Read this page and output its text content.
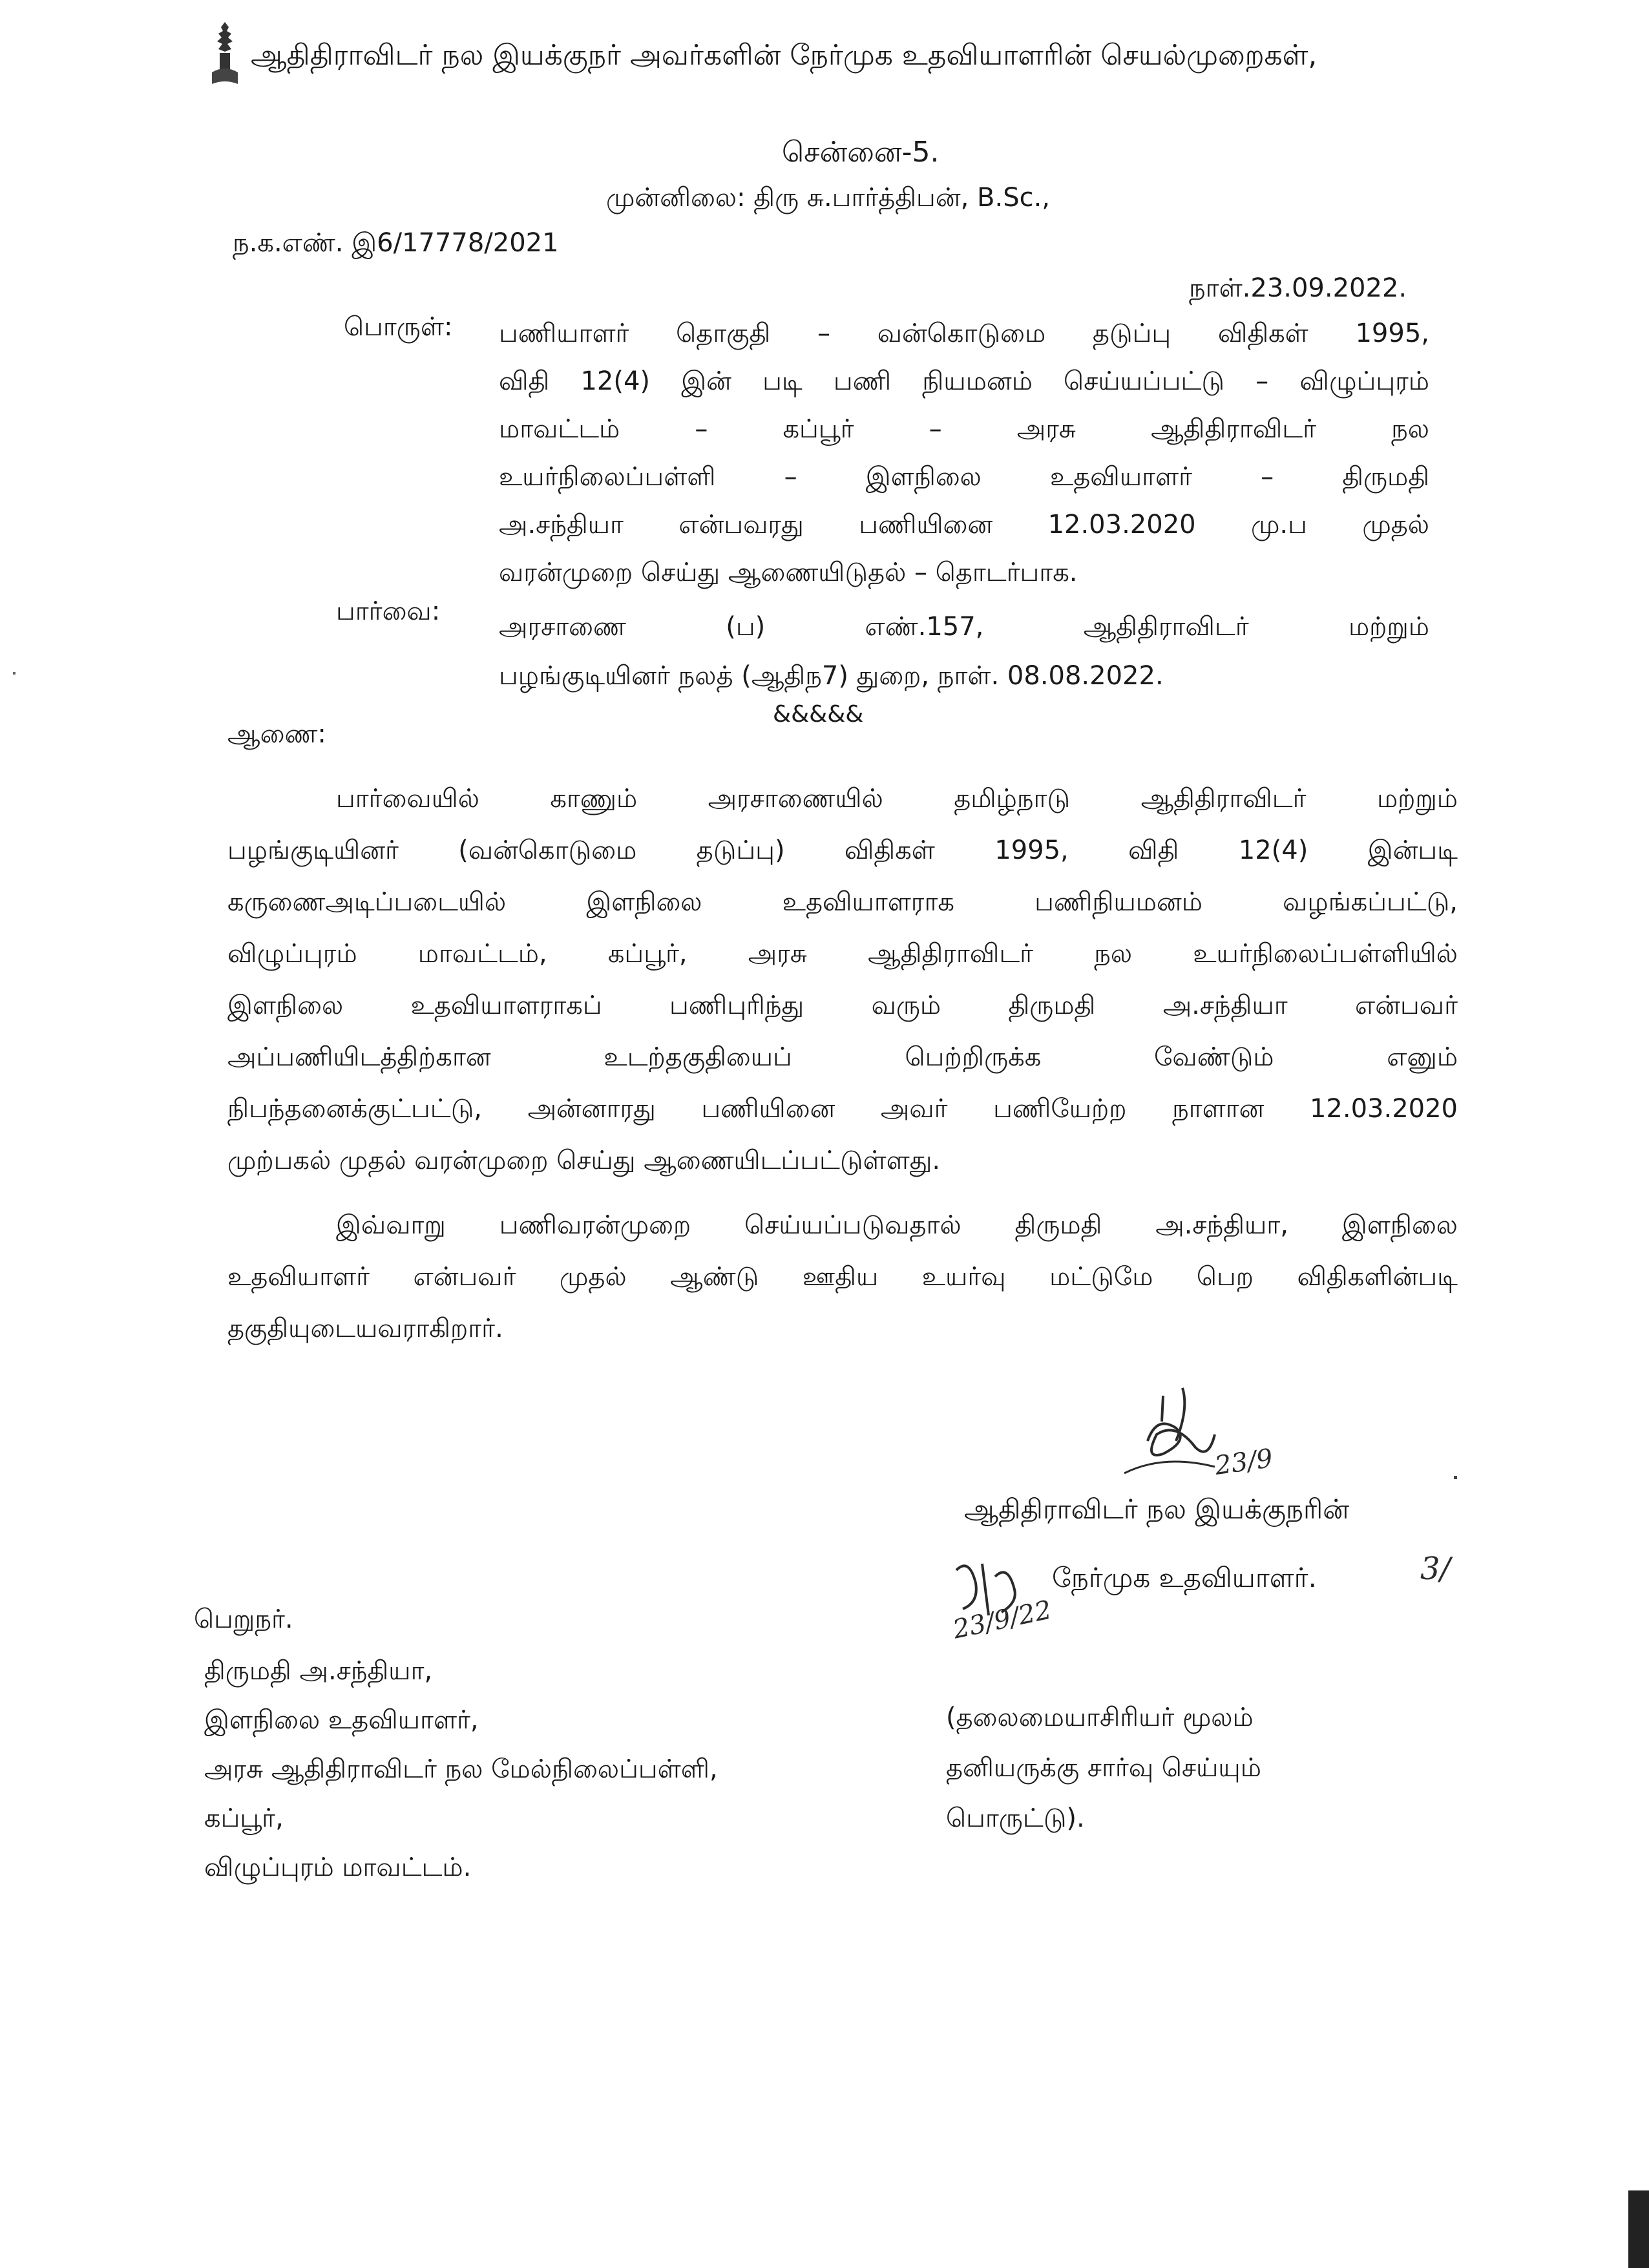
ஆதிதிராவிடர் நல இயக்குநர் அவர்களின் நேர்முக உதவியாளரின் செயல்முறைகள்,
சென்னை-5.
முன்னிலை: திரு சு.பார்த்திபன், B.Sc.,
ந.க.எண். இ6/17778/2021
நாள்.23.09.2022.
பொருள்: பணியாளர் தொகுதி – வன்கொடுமை தடுப்பு விதிகள் 1995,
விதி 12(4) இன் படி பணி நியமனம் செய்யப்பட்டு – விழுப்புரம்
மாவட்டம் – கப்பூர் – அரசு ஆதிதிராவிடர் நல
உயர்நிலைப்பள்ளி – இளநிலை உதவியாளர் – திருமதி
அ.சந்தியா என்பவரது பணியினை 12.03.2020 மு.ப முதல்
வரன்முறை செய்து ஆணையிடுதல் – தொடர்பாக.
பார்வை:
அரசாணை (ப) எண்.157, ஆதிதிராவிடர் மற்றும்
பழங்குடியினர் நலத் (ஆதிந7) துறை, நாள். 08.08.2022.
&&&&&
ஆணை:
பார்வையில் காணும் அரசாணையில் தமிழ்நாடு ஆதிதிராவிடர் மற்றும்
பழங்குடியினர் (வன்கொடுமை தடுப்பு) விதிகள் 1995, விதி 12(4) இன்படி
கருணைஅடிப்படையில் இளநிலை உதவியாளராக பணிநியமனம் வழங்கப்பட்டு,
விழுப்புரம் மாவட்டம், கப்பூர், அரசு ஆதிதிராவிடர் நல உயர்நிலைப்பள்ளியில்
இளநிலை உதவியாளராகப் பணிபுரிந்து வரும் திருமதி அ.சந்தியா என்பவர்
அப்பணியிடத்திற்கான உடற்தகுதியைப் பெற்றிருக்க வேண்டும் எனும்
நிபந்தனைக்குட்பட்டு, அன்னாரது பணியினை அவர் பணியேற்ற நாளான 12.03.2020
முற்பகல் முதல் வரன்முறை செய்து ஆணையிடப்பட்டுள்ளது.
இவ்வாறு பணிவரன்முறை செய்யப்படுவதால் திருமதி அ.சந்தியா, இளநிலை
உதவியாளர் என்பவர் முதல் ஆண்டு ஊதிய உயர்வு மட்டுமே பெற விதிகளின்படி
தகுதியுடையவராகிறார்.
23/9
ஆதிதிராவிடர் நல இயக்குநரின்
23/9/22
நேர்முக உதவியாளர்.	3/
பெறுநர்.
திருமதி அ.சந்தியா,
இளநிலை உதவியாளர்,
அரசு ஆதிதிராவிடர் நல மேல்நிலைப்பள்ளி,
கப்பூர்,
விழுப்புரம் மாவட்டம்.
(தலைமையாசிரியர் மூலம்
தனியருக்கு சார்வு செய்யும்
பொருட்டு).
